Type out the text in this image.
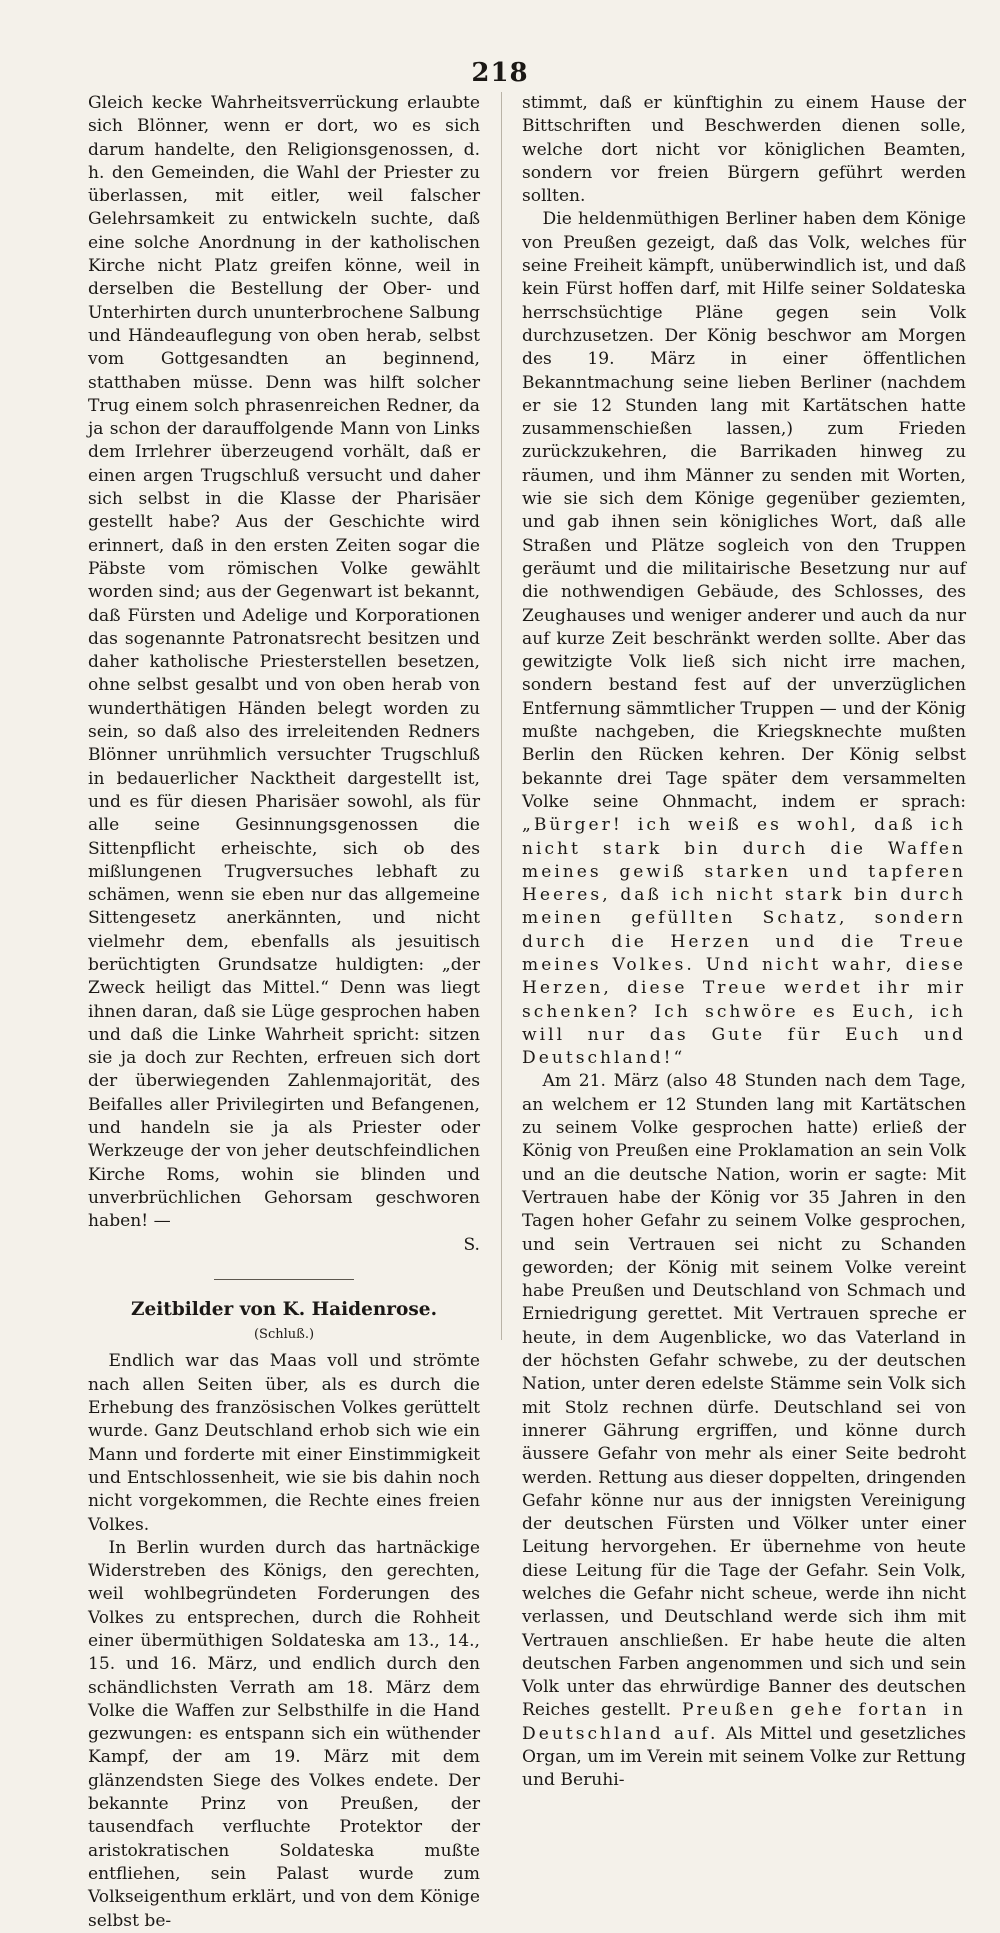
218

Gleich kecke Wahrheitsverrückung erlaubte sich Blönner, wenn er dort, wo es sich darum handelte, den Religionsgenossen, d. h. den Gemeinden, die Wahl der Priester zu überlassen, mit eitler, weil falscher Gelehrsamkeit zu entwickeln suchte, daß eine solche Anordnung in der katholischen Kirche nicht Platz greifen könne, weil in derselben die Bestellung der Ober- und Unterhirten durch ununterbrochene Salbung und Händeauflegung von oben herab, selbst vom Gottgesandten an beginnend, statthaben müsse. Denn was hilft solcher Trug einem solch phrasenreichen Redner, da ja schon der darauffolgende Mann von Links dem Irrlehrer überzeugend vorhält, daß er einen argen Trugschluß versucht und daher sich selbst in die Klasse der Pharisäer gestellt habe? Aus der Geschichte wird erinnert, daß in den ersten Zeiten sogar die Päbste vom römischen Volke gewählt worden sind; aus der Gegenwart ist bekannt, daß Fürsten und Adelige und Korporationen das sogenannte Patronatsrecht besitzen und daher katholische Priesterstellen besetzen, ohne selbst gesalbt und von oben herab von wunderthätigen Händen belegt worden zu sein, so daß also des irreleitenden Redners Blönner unrühmlich versuchter Trugschluß in bedauerlicher Nacktheit dargestellt ist, und es für diesen Pharisäer sowohl, als für alle seine Gesinnungsgenossen die Sittenpflicht erheischte, sich ob des mißlungenen Trugversuches lebhaft zu schämen, wenn sie eben nur das allgemeine Sittengesetz anerkännten, und nicht vielmehr dem, ebenfalls als jesuitisch berüchtigten Grundsatze huldigten: „der Zweck heiligt das Mittel.“ Denn was liegt ihnen daran, daß sie Lüge gesprochen haben und daß die Linke Wahrheit spricht: sitzen sie ja doch zur Rechten, erfreuen sich dort der überwiegenden Zahlenmajorität, des Beifalles aller Privilegirten und Befangenen, und handeln sie ja als Priester oder Werkzeuge der von jeher deutschfeindlichen Kirche Roms, wohin sie blinden und unverbrüchlichen Gehorsam geschworen haben! —

S.

Zeitbilder von K. Haidenrose.

(Schluß.)

Endlich war das Maas voll und strömte nach allen Seiten über, als es durch die Erhebung des französischen Volkes gerüttelt wurde. Ganz Deutschland erhob sich wie ein Mann und forderte mit einer Einstimmigkeit und Entschlossenheit, wie sie bis dahin noch nicht vorgekommen, die Rechte eines freien Volkes.

In Berlin wurden durch das hartnäckige Widerstreben des Königs, den gerechten, weil wohlbegründeten Forderungen des Volkes zu entsprechen, durch die Rohheit einer übermüthigen Soldateska am 13., 14., 15. und 16. März, und endlich durch den schändlichsten Verrath am 18. März dem Volke die Waffen zur Selbsthilfe in die Hand gezwungen: es entspann sich ein wüthender Kampf, der am 19. März mit dem glänzendsten Siege des Volkes endete. Der bekannte Prinz von Preußen, der tausendfach verfluchte Protektor der aristokratischen Soldateska mußte entfliehen, sein Palast wurde zum Volkseigenthum erklärt, und von dem Könige selbst be-

stimmt, daß er künftighin zu einem Hause der Bittschriften und Beschwerden dienen solle, welche dort nicht vor königlichen Beamten, sondern vor freien Bürgern geführt werden sollten.

Die heldenmüthigen Berliner haben dem Könige von Preußen gezeigt, daß das Volk, welches für seine Freiheit kämpft, unüberwindlich ist, und daß kein Fürst hoffen darf, mit Hilfe seiner Soldateska herrschsüchtige Pläne gegen sein Volk durchzusetzen. Der König beschwor am Morgen des 19. März in einer öffentlichen Bekanntmachung seine lieben Berliner (nachdem er sie 12 Stunden lang mit Kartätschen hatte zusammenschießen lassen,) zum Frieden zurückzukehren, die Barrikaden hinweg zu räumen, und ihm Männer zu senden mit Worten, wie sie sich dem Könige gegenüber geziemten, und gab ihnen sein königliches Wort, daß alle Straßen und Plätze sogleich von den Truppen geräumt und die militairische Besetzung nur auf die nothwendigen Gebäude, des Schlosses, des Zeughauses und weniger anderer und auch da nur auf kurze Zeit beschränkt werden sollte. Aber das gewitzigte Volk ließ sich nicht irre machen, sondern bestand fest auf der unverzüglichen Entfernung sämmtlicher Truppen — und der König mußte nachgeben, die Kriegsknechte mußten Berlin den Rücken kehren. Der König selbst bekannte drei Tage später dem versammelten Volke seine Ohnmacht, indem er sprach: „Bürger! ich weiß es wohl, daß ich nicht stark bin durch die Waffen meines gewiß starken und tapferen Heeres, daß ich nicht stark bin durch meinen gefüllten Schatz, sondern durch die Herzen und die Treue meines Volkes. Und nicht wahr, diese Herzen, diese Treue werdet ihr mir schenken? Ich schwöre es Euch, ich will nur das Gute für Euch und Deutschland!“

Am 21. März (also 48 Stunden nach dem Tage, an welchem er 12 Stunden lang mit Kartätschen zu seinem Volke gesprochen hatte) erließ der König von Preußen eine Proklamation an sein Volk und an die deutsche Nation, worin er sagte: Mit Vertrauen habe der König vor 35 Jahren in den Tagen hoher Gefahr zu seinem Volke gesprochen, und sein Vertrauen sei nicht zu Schanden geworden; der König mit seinem Volke vereint habe Preußen und Deutschland von Schmach und Erniedrigung gerettet. Mit Vertrauen spreche er heute, in dem Augenblicke, wo das Vaterland in der höchsten Gefahr schwebe, zu der deutschen Nation, unter deren edelste Stämme sein Volk sich mit Stolz rechnen dürfe. Deutschland sei von innerer Gährung ergriffen, und könne durch äussere Gefahr von mehr als einer Seite bedroht werden. Rettung aus dieser doppelten, dringenden Gefahr könne nur aus der innigsten Vereinigung der deutschen Fürsten und Völker unter einer Leitung hervorgehen. Er übernehme von heute diese Leitung für die Tage der Gefahr. Sein Volk, welches die Gefahr nicht scheue, werde ihn nicht verlassen, und Deutschland werde sich ihm mit Vertrauen anschließen. Er habe heute die alten deutschen Farben angenommen und sich und sein Volk unter das ehrwürdige Banner des deutschen Reiches gestellt. Preußen gehe fortan in Deutschland auf. Als Mittel und gesetzliches Organ, um im Verein mit seinem Volke zur Rettung und Beruhi-
